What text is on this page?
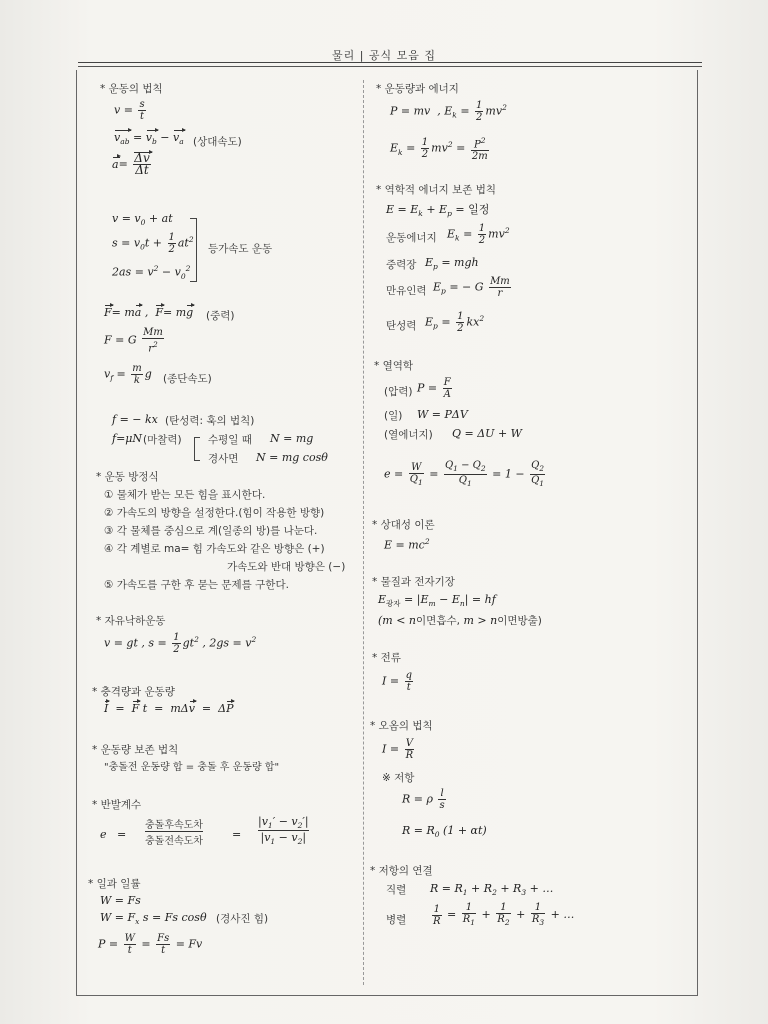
물리 | 공식 모음 집
* 운동의 법칙
$v = \frac{s}{t}$
$v_{ab} = v_b - v_a$ (상대속도)
$a= \frac{\Delta v}{\Delta t}$
$v = v_0$ + at
$s = v_0t + \frac{1}{2} at^2$
$2as = v^2 - v_0^2$
등가속도 운동
F= ma ,  F= mg (중력)
F = G $\frac{Mm}{r^2}$
$v_f = \frac{m}{k}$ g (종단속도)
f = − kx (탄성력: 훅의 법칙)
f=μN (마찰력)	수평일 때 N = mg
경사면 N = mg cosθ
* 운동 방정식
① 물체가 받는 모든 힘을 표시한다.
② 가속도의 방향을 설정한다.(힘이 작용한 방향)
③ 각 물체를 중심으로 계(일종의 방)를 나눈다.
④ 각 계별로 ma= 힘 가속도와 같은 방향은 (+)
가속도와 반대 방향은 (−)
⑤ 가속도를 구한 후 묻는 문제를 구한다.
* 자유낙하운동
v = gt , $s = \frac{1}{2} gt^2$ , $2gs = v^2$
* 충격량과 운동량
I  =  F t  =  mΔv  =  ΔP
* 운동량 보존 법칙
"충돌전 운동량 합 = 충돌 후 운동량 합"
* 반발계수
e   =
충돌후속도차
충돌전속도차
=
$|v_1' - v_2'|$
$|v_1 - v_2|$
* 일과 일률
W = Fs
$W = F_x$ s = Fs cosθ (경사진 힘)
$P = \frac{W}{t} = \frac{Fs}{t} = Fv$
* 운동량과 에너지
P = mv  , $E_k = \frac{1}{2} mv^2$
$E_k = \frac{1}{2} mv^2 = \frac{P^2}{2m}$
* 역학적 에너지 보존 법칙
$E = E_k + E_p$ = 일정
운동에너지 $E_k = \frac{1}{2} mv^2$
중력장 $E_p$ = mgh
만유인력 $E_p$ = − G $\frac{Mm}{r}$
탄성력 $E_p = \frac{1}{2} kx^2$
* 열역학
(압력) $P = \frac{F}{A}$
(일) W = PΔV
(열에너지) Q = ΔU + W
$e = \frac{W}{Q_1} = \frac{Q_1 - Q_2}{Q_1} = 1 - \frac{Q_2}{Q_1}$
* 상대성 이론
$E = mc^2$
* 물질과 전자기장
$E_{광자} = |E_m - E_n|$ = hf
(m < n이면흡수, m > n이면방출)
* 전류
$I = \frac{q}{t}$
* 오옴의 법칙
$I = \frac{V}{R}$
※ 저항
R = ρ $\frac{l}{s}$
$R = R_0$ (1 + αt)
* 저항의 연결
직렬 $R = R_1 + R_2 + R_3$ + …
병렬	$\frac{1}{R} = \frac{1}{R_1} + \frac{1}{R_2} + \frac{1}{R_3}$ + …
